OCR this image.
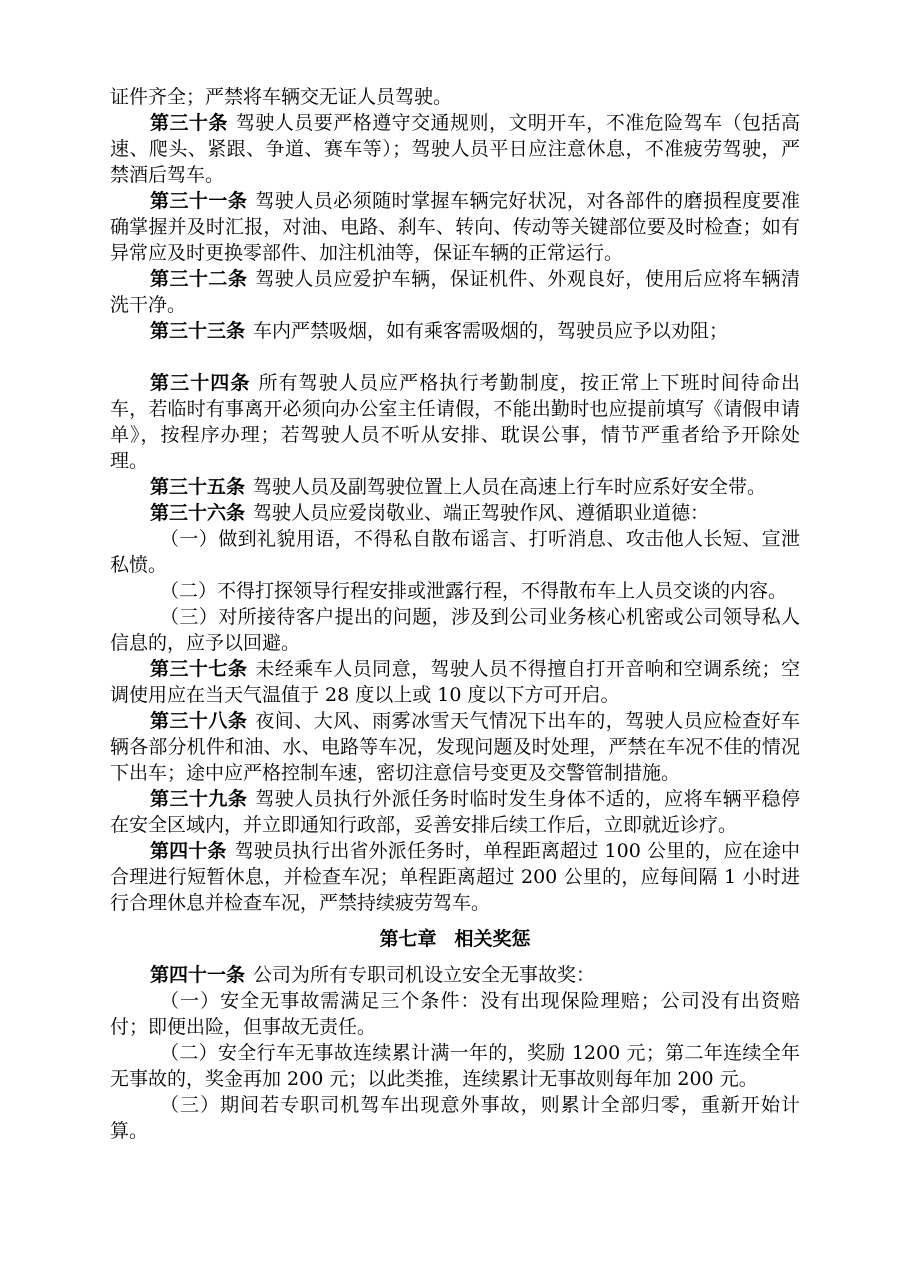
证件齐全；严禁将车辆交无证人员驾驶。

第三十条 驾驶人员要严格遵守交通规则，文明开车，不准危险驾车（包括高速、爬头、紧跟、争道、赛车等）；驾驶人员平日应注意休息，不准疲劳驾驶，严禁酒后驾车。

第三十一条 驾驶人员必须随时掌握车辆完好状况，对各部件的磨损程度要准确掌握并及时汇报，对油、电路、刹车、转向、传动等关键部位要及时检查；如有异常应及时更换零部件、加注机油等，保证车辆的正常运行。

第三十二条 驾驶人员应爱护车辆，保证机件、外观良好，使用后应将车辆清洗干净。

第三十三条 车内严禁吸烟，如有乘客需吸烟的，驾驶员应予以劝阻；

第三十四条 所有驾驶人员应严格执行考勤制度，按正常上下班时间待命出车，若临时有事离开必须向办公室主任请假，不能出勤时也应提前填写《请假申请单》，按程序办理；若驾驶人员不听从安排、耽误公事，情节严重者给予开除处理。

第三十五条 驾驶人员及副驾驶位置上人员在高速上行车时应系好安全带。

第三十六条 驾驶人员应爱岗敬业、端正驾驶作风、遵循职业道德：

（一）做到礼貌用语，不得私自散布谣言、打听消息、攻击他人长短、宣泄私愤。

（二）不得打探领导行程安排或泄露行程，不得散布车上人员交谈的内容。

（三）对所接待客户提出的问题，涉及到公司业务核心机密或公司领导私人信息的，应予以回避。

第三十七条 未经乘车人员同意，驾驶人员不得擅自打开音响和空调系统；空调使用应在当天气温值于 28 度以上或 10 度以下方可开启。

第三十八条 夜间、大风、雨雾冰雪天气情况下出车的，驾驶人员应检查好车辆各部分机件和油、水、电路等车况，发现问题及时处理，严禁在车况不佳的情况下出车；途中应严格控制车速，密切注意信号变更及交警管制措施。

第三十九条 驾驶人员执行外派任务时临时发生身体不适的，应将车辆平稳停在安全区域内，并立即通知行政部，妥善安排后续工作后，立即就近诊疗。

第四十条 驾驶员执行出省外派任务时，单程距离超过 100 公里的，应在途中合理进行短暂休息，并检查车况；单程距离超过 200 公里的，应每间隔 1 小时进行合理休息并检查车况，严禁持续疲劳驾车。

第七章 相关奖惩

第四十一条 公司为所有专职司机设立安全无事故奖：

（一）安全无事故需满足三个条件：没有出现保险理赔；公司没有出资赔付；即便出险，但事故无责任。

（二）安全行车无事故连续累计满一年的，奖励 1200 元；第二年连续全年无事故的，奖金再加 200 元；以此类推，连续累计无事故则每年加 200 元。

（三）期间若专职司机驾车出现意外事故，则累计全部归零，重新开始计算。
